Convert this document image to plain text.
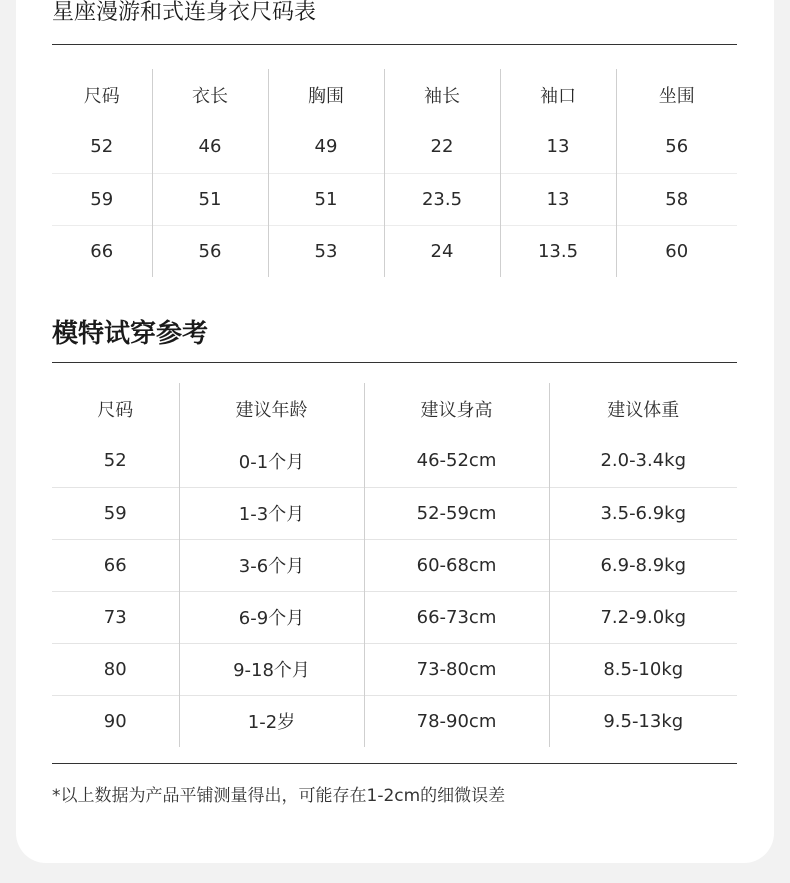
星座漫游和式连身衣尺码表
尺码	衣长	胸围	袖长	袖口	坐围
52	46	49	22	13	56
59	51	51	23.5	13	58
66	56	53	24	13.5	60
模特试穿参考
尺码	建议年龄	建议身高	建议体重
52	0-1个月	46-52cm	2.0-3.4kg
59	1-3个月	52-59cm	3.5-6.9kg
66	3-6个月	60-68cm	6.9-8.9kg
73	6-9个月	66-73cm	7.2-9.0kg
80	9-18个月	73-80cm	8.5-10kg
90	1-2岁	78-90cm	9.5-13kg
*以上数据为产品平铺测量得出，可能存在1-2cm的细微误差
